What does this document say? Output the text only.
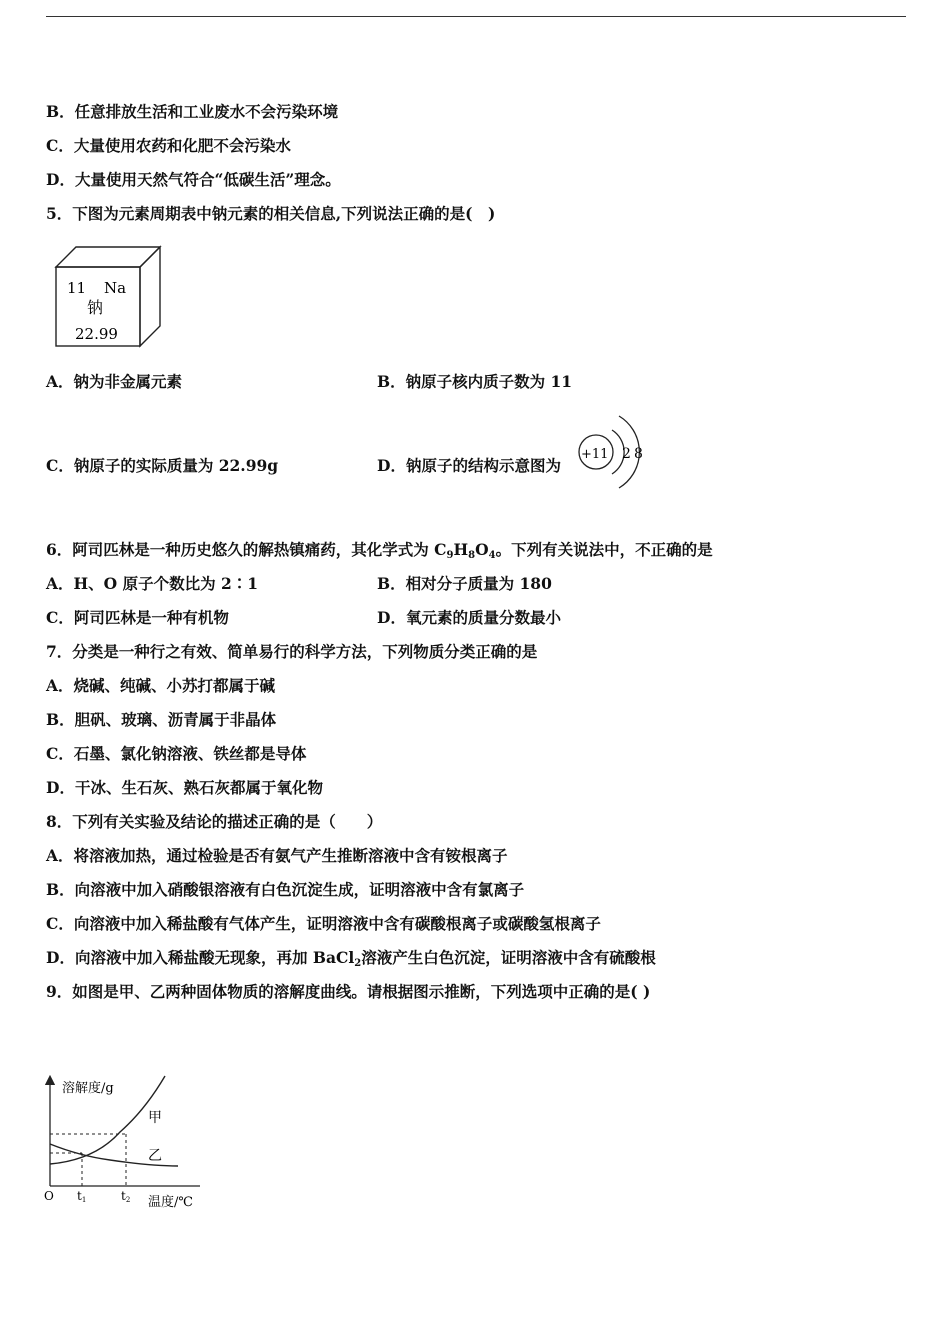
B．任意排放生活和工业废水不会污染环境
C．大量使用农药和化肥不会污染水
D．大量使用天然气符合“低碳生活”理念。
5．下图为元素周期表中钠元素的相关信息,下列说法正确的是(　)
11 Na
钠
22.99
A．钠为非金属元素	B．钠原子核内质子数为 11
C．钠原子的实际质量为 22.99g	D．钠原子的结构示意图为
+11 2 8
6．阿司匹林是一种历史悠久的解热镇痛药，其化学式为 $C_9H_8O_4$。下列有关说法中，不正确的是
A．H、O 原子个数比为 2∶1	B．相对分子质量为 180
C．阿司匹林是一种有机物	D．氧元素的质量分数最小
7．分类是一种行之有效、简单易行的科学方法，下列物质分类正确的是
A．烧碱、纯碱、小苏打都属于碱
B．胆矾、玻璃、沥青属于非晶体
C．石墨、氯化钠溶液、铁丝都是导体
D．干冰、生石灰、熟石灰都属于氧化物
8．下列有关实验及结论的描述正确的是（　　）
A．将溶液加热，通过检验是否有氨气产生推断溶液中含有铵根离子
B．向溶液中加入硝酸银溶液有白色沉淀生成，证明溶液中含有氯离子
C．向溶液中加入稀盐酸有气体产生，证明溶液中含有碳酸根离子或碳酸氢根离子
D．向溶液中加入稀盐酸无现象，再加 BaCl$_2$溶液产生白色沉淀，证明溶液中含有硫酸根
9．如图是甲、乙两种固体物质的溶解度曲线。请根据图示推断，下列选项中正确的是( )
溶解度/g
甲
乙
O t1	t2 温度/℃
